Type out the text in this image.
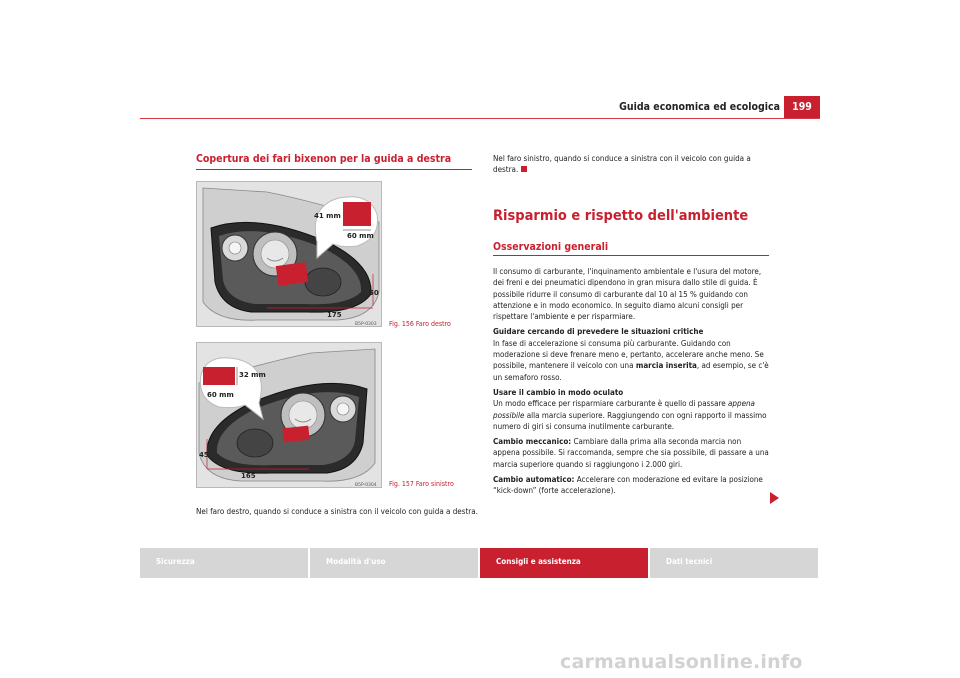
Guida economica ed ecologica	199
Copertura dei fari bixenon per la guida a destra
41 mm
60 mm
50
175
B5P-0303 Fig. 156 Faro destro
32 mm
60 mm
45
165
B5P-0304 Fig. 157 Faro sinistro
Nel faro destro, quando si conduce a sinistra con il veicolo con guida a destra.
Nel faro sinistro, quando si conduce a sinistra con il veicolo con guida a destra.
Risparmio e rispetto dell'ambiente
Osservazioni generali

Il consumo di carburante, l'inquinamento ambientale e l'usura del motore, dei freni e dei pneumatici dipendono in gran misura dallo stile di guida. È possibile ridurre il consumo di carburante dal 10 al 15 % guidando con attenzione e in modo economico. In seguito diamo alcuni consigli per rispettare l'ambiente e per risparmiare.

Guidare cercando di prevedere le situazioni critiche
In fase di accelerazione si consuma più carburante. Guidando con moderazione si deve frenare meno e, pertanto, accelerare anche meno. Se possibile, mantenere il veicolo con una marcia inserita, ad esempio, se c'è un semaforo rosso.

Usare il cambio in modo oculato
Un modo efficace per risparmiare carburante è quello di passare appena possibile alla marcia superiore. Raggiungendo con ogni rapporto il massimo numero di giri si consuma inutilmente carburante.

Cambio meccanico: Cambiare dalla prima alla seconda marcia non appena possibile. Si raccomanda, sempre che sia possibile, di passare a una marcia superiore quando si raggiungono i 2.000 giri.

Cambio automatico: Accelerare con moderazione ed evitare la posizione “kick-down” (forte accelerazione).

Sicurezza	Modalità d'uso	Consigli e assistenza	Dati tecnici
carmanualsonline.info
